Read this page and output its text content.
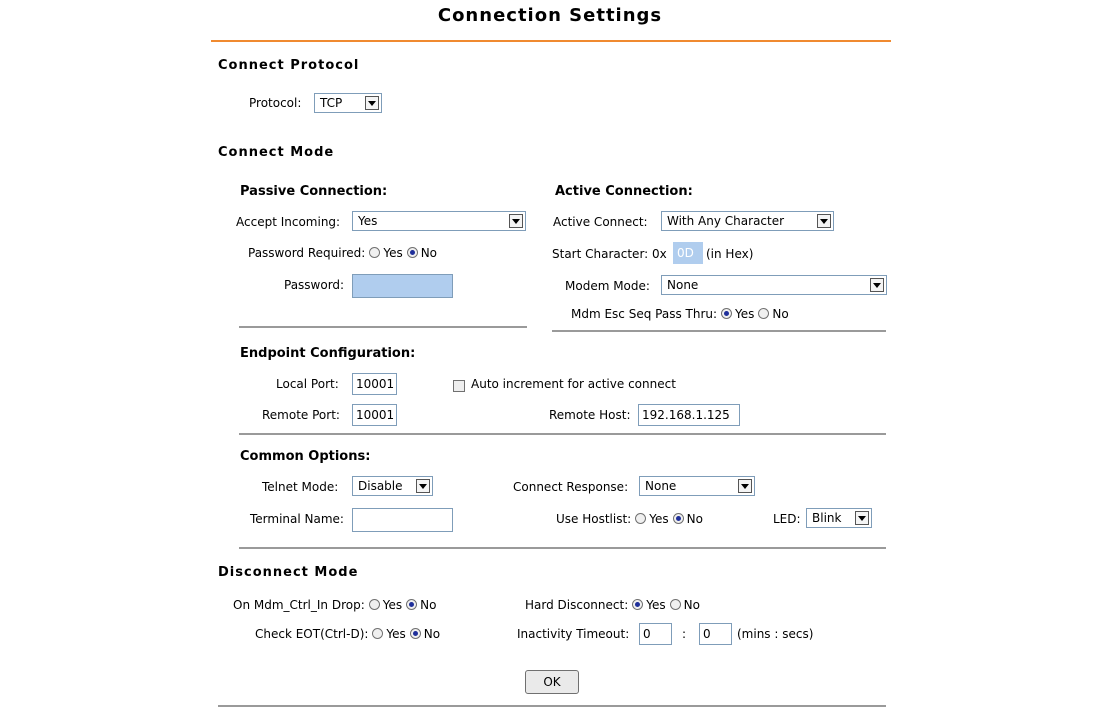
Connection Settings
Connect Protocol
Protocol: TCP
Connect Mode
Passive Connection:
Accept Incoming: Yes
Password Required: Yes No
Password:
Active Connection:
Active Connect: With Any Character
Start Character: 0x 0D (in Hex)
Modem Mode: None
Mdm Esc Seq Pass Thru: Yes No
Endpoint Configuration:
Local Port: 10001	Auto increment for active connect
Remote Port: 10001	Remote Host: 192.168.1.125
Common Options:
Telnet Mode: Disable	Connect Response: None
Terminal Name:	Use Hostlist: Yes No	LED: Blink
Disconnect Mode
On Mdm_Ctrl_In Drop: Yes No	Hard Disconnect: Yes No
Check EOT(Ctrl-D): Yes No	Inactivity Timeout: 0	: 0 (mins : secs)
OK
